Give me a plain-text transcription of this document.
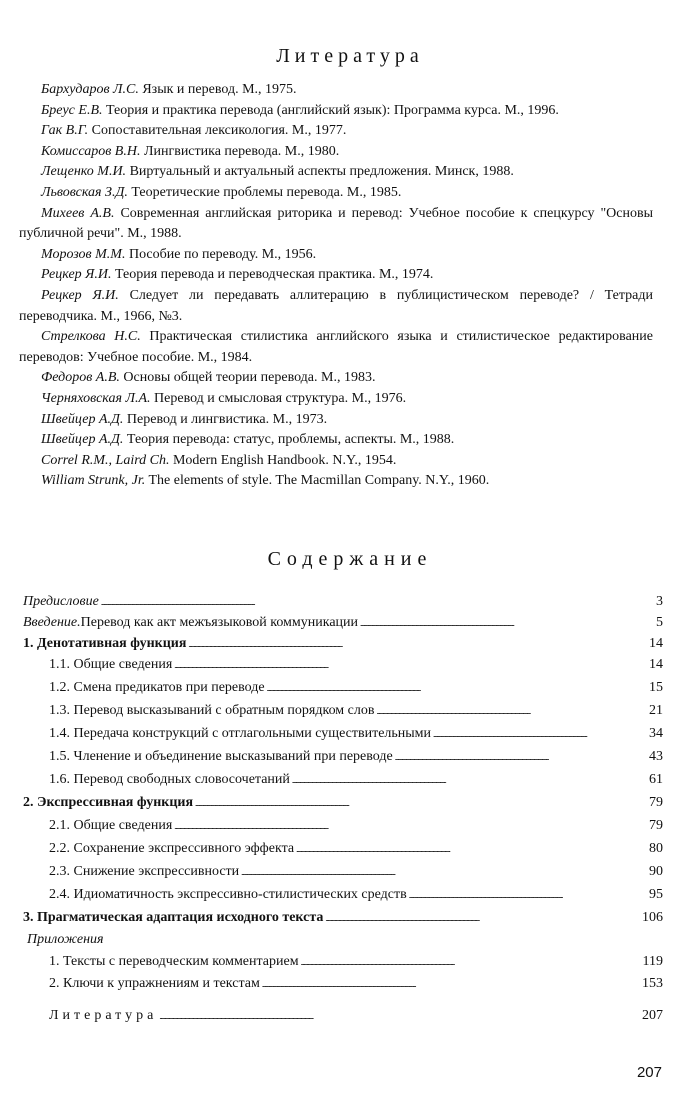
Литература

Бархударов Л.С. Язык и перевод. М., 1975.

Бреус Е.В. Теория и практика перевода (английский язык): Программа курса. М., 1996.

Гак В.Г. Сопоставительная лексикология. М., 1977.

Комиссаров В.Н. Лингвистика перевода. М., 1980.

Лещенко М.И. Виртуальный и актуальный аспекты предложения. Минск, 1988.

Львовская З.Д. Теоретические проблемы перевода. М., 1985.

Михеев А.В. Современная английская риторика и перевод: Учебное пособие к спецкурсу "Основы публичной речи". М., 1988.

Морозов М.М. Пособие по переводу. М., 1956.

Рецкер Я.И. Теория перевода и переводческая практика. М., 1974.

Рецкер Я.И. Следует ли передавать аллитерацию в публицистическом переводе? / Тетради переводчика. М., 1966, №3.

Стрелкова Н.С. Практическая стилистика английского языка и стилистическое редактирование переводов: Учебное пособие. М., 1984.

Федоров А.В. Основы общей теории перевода. М., 1983.

Черняховская Л.А. Перевод и смысловая структура. М., 1976.

Швейцер А.Д. Перевод и лингвистика. М., 1973.

Швейцер А.Д. Теория перевода: статус, проблемы, аспекты. М., 1988.

Correl R.M., Laird Ch. Modern English Handbook. N.Y., 1954.

William Strunk, Jr. The elements of style. The Macmillan Company. N.Y., 1960.

Содержание
Предисловие . . .	3
Введение. Перевод как акт межъязыковой коммуникации . . .	5
1. Денотативная функция . . .	14
1.1. Общие сведения . . .	14
1.2. Смена предикатов при переводе . . .	15
1.3. Перевод высказываний с обратным порядком слов . . .	21
1.4. Передача конструкций с отглагольными существительными . . .	34
1.5. Членение и объединение высказываний при переводе . . .	43
1.6. Перевод свободных словосочетаний . . .	61
2. Экспрессивная функция . . .	79
2.1. Общие сведения . . .	79
2.2. Сохранение экспрессивного эффекта . . .	80
2.3. Снижение экспрессивности . . .	90
2.4. Идиоматичность экспрессивно-стилистических средств . . .	95
3. Прагматическая адаптация исходного текста . . .	106
Приложения
1. Тексты с переводческим комментарием . . .	119
2. Ключи к упражнениям и текстам . . .	153
Литература . . .	207
207
